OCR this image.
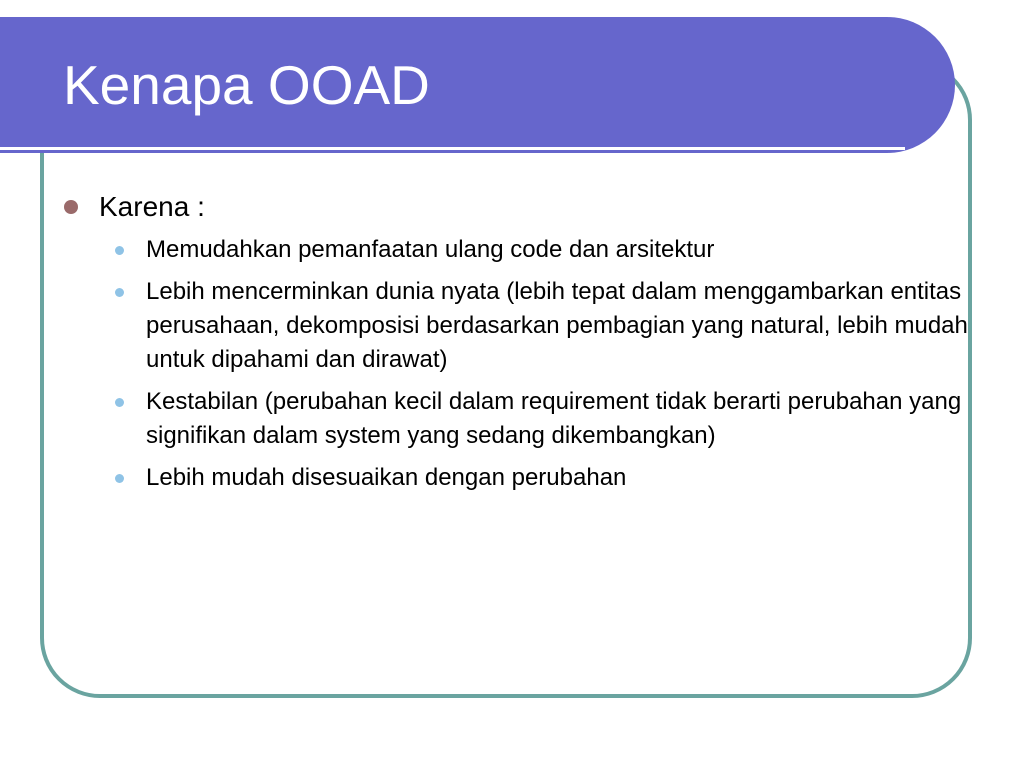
Kenapa OOAD
Karena :
Memudahkan pemanfaatan ulang code dan arsitektur
Lebih mencerminkan dunia nyata (lebih tepat dalam menggambarkan entitas perusahaan, dekomposisi berdasarkan pembagian yang natural, lebih mudah untuk dipahami dan dirawat)
Kestabilan (perubahan kecil dalam requirement tidak berarti perubahan yang signifikan dalam system yang sedang dikembangkan)
Lebih mudah disesuaikan dengan perubahan
